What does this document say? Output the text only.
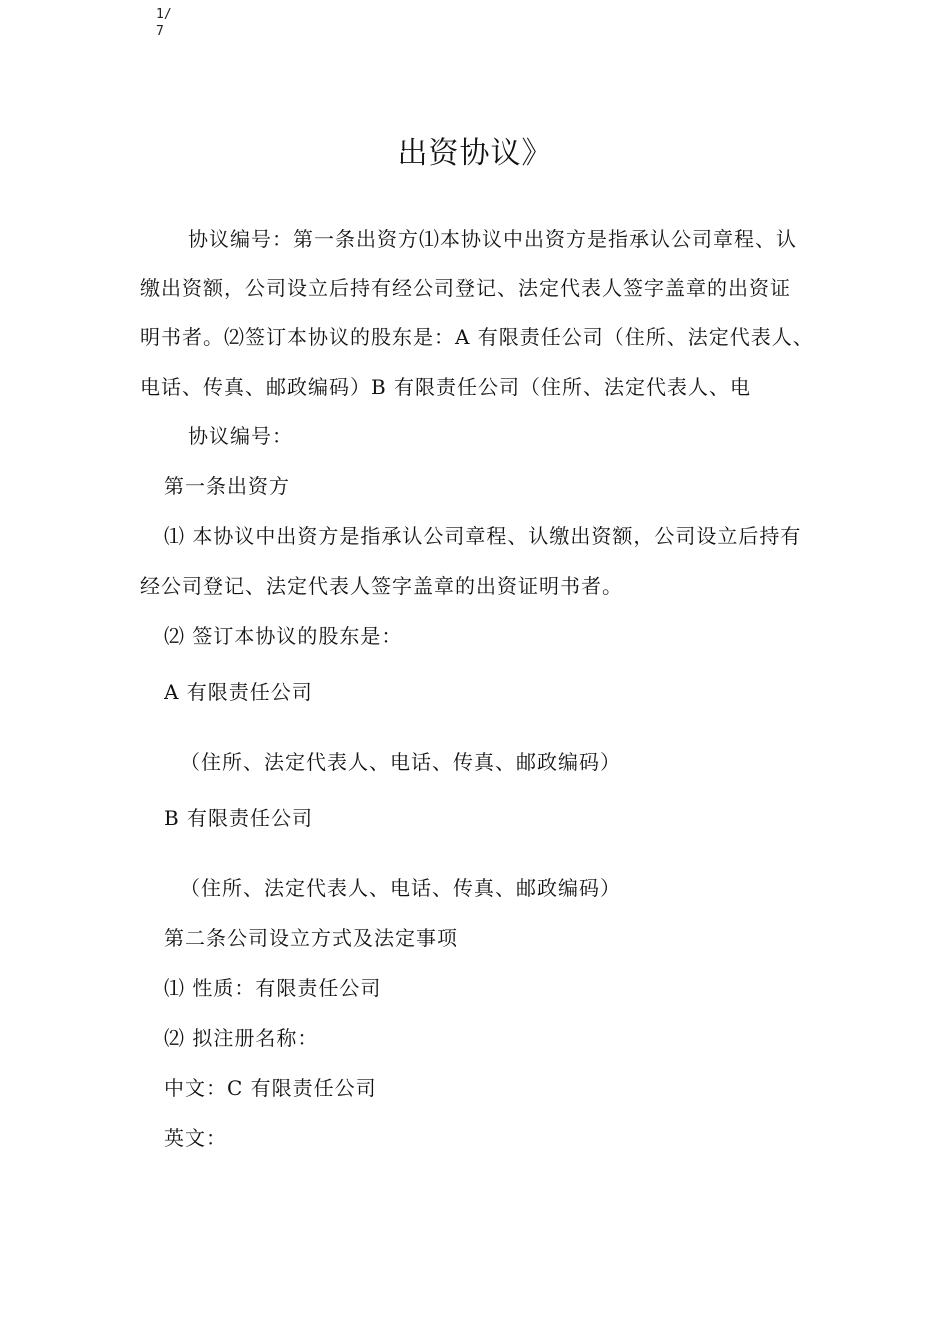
1/
7
出资协议》
协议编号：第一条出资方⑴本协议中出资方是指承认公司章程、认
缴出资额，公司设立后持有经公司登记、法定代表人签字盖章的出资证
明书者。⑵签订本协议的股东是：A 有限责任公司（住所、法定代表人、
电话、传真、邮政编码）B 有限责任公司（住所、法定代表人、电
协议编号：
第一条出资方
⑴ 本协议中出资方是指承认公司章程、认缴出资额，公司设立后持有
经公司登记、法定代表人签字盖章的出资证明书者。
⑵ 签订本协议的股东是：
A 有限责任公司
（住所、法定代表人、电话、传真、邮政编码）
B 有限责任公司
（住所、法定代表人、电话、传真、邮政编码）
第二条公司设立方式及法定事项
⑴ 性质：有限责任公司
⑵ 拟注册名称：
中文：C 有限责任公司
英文：
